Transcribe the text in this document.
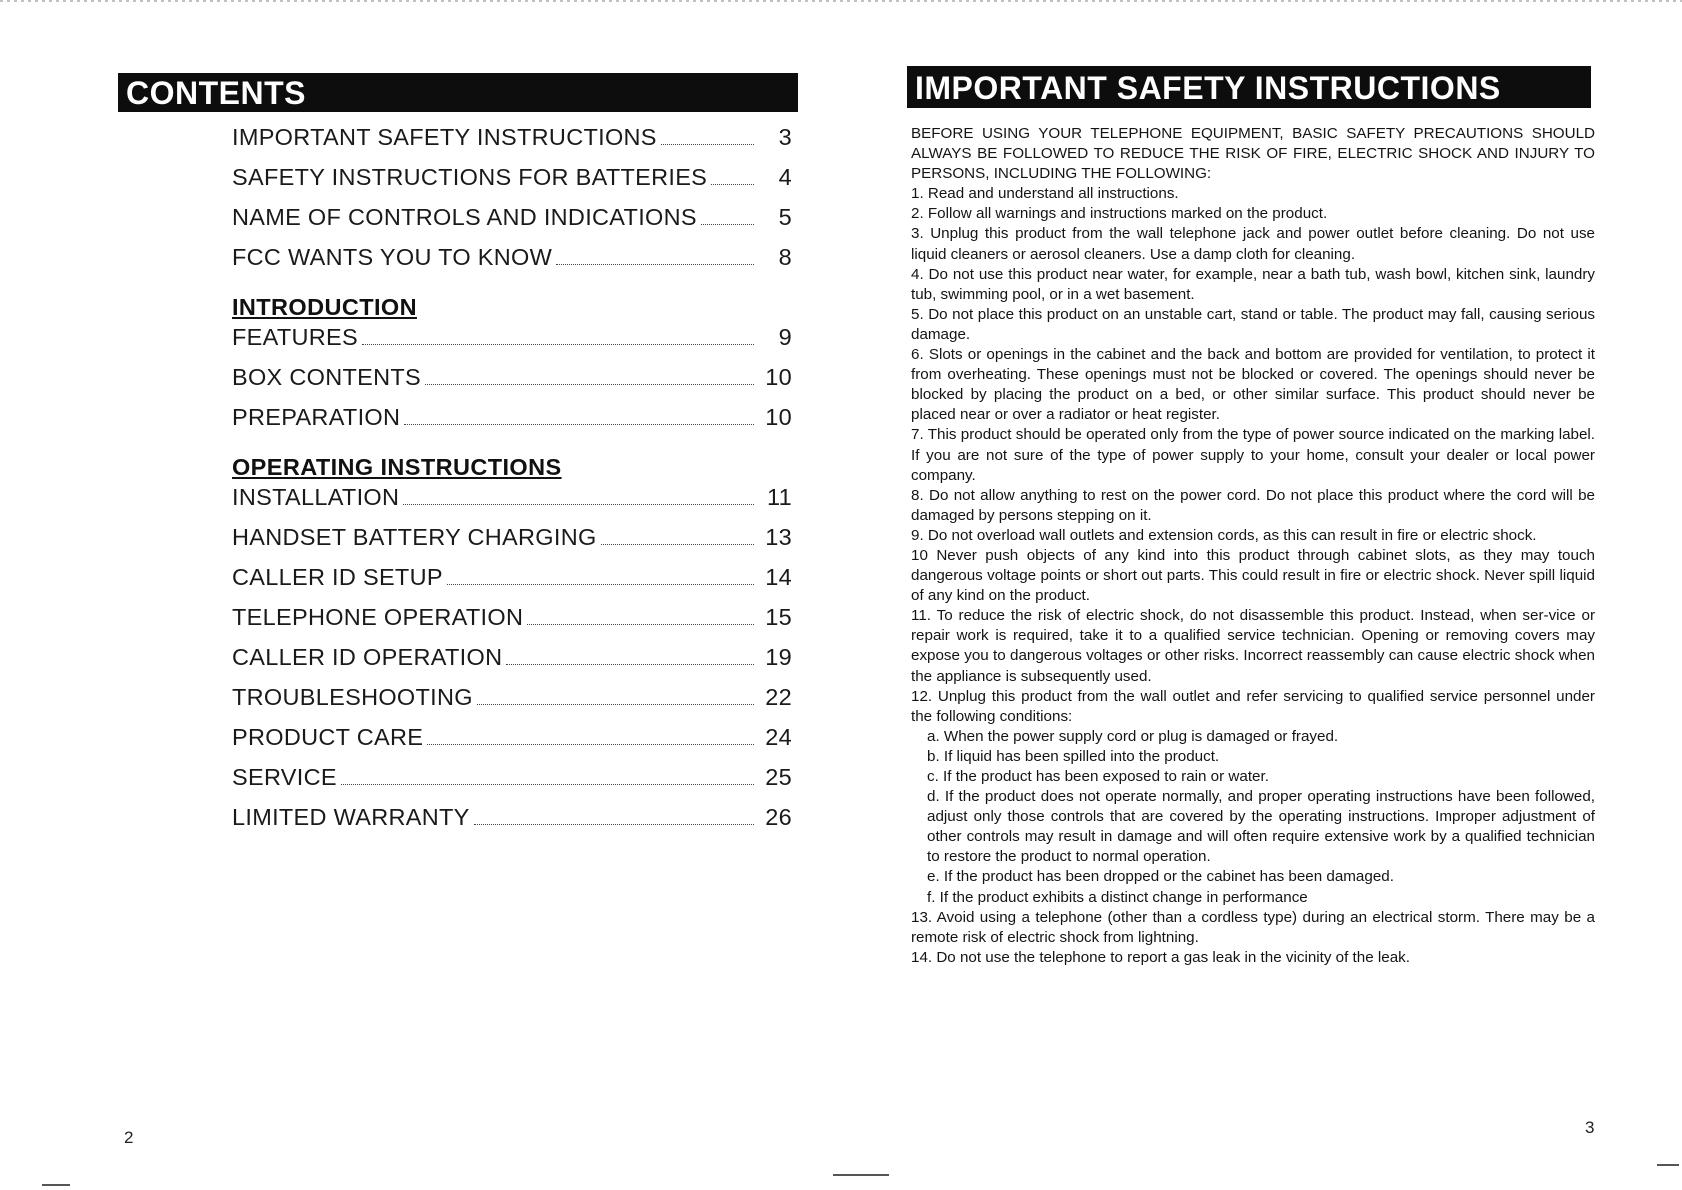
CONTENTS
IMPORTANT SAFETY INSTRUCTIONS	3
SAFETY INSTRUCTIONS FOR BATTERIES	4
NAME OF CONTROLS AND INDICATIONS	5
FCC WANTS YOU TO KNOW	8
INTRODUCTION
FEATURES	9
BOX CONTENTS	10
PREPARATION	10
OPERATING INSTRUCTIONS
INSTALLATION	11
HANDSET BATTERY CHARGING	13
CALLER ID SETUP	14
TELEPHONE OPERATION	15
CALLER ID OPERATION	19
TROUBLESHOOTING	22
PRODUCT CARE	24
SERVICE	25
LIMITED WARRANTY	26
2
IMPORTANT SAFETY INSTRUCTIONS

BEFORE USING YOUR TELEPHONE EQUIPMENT, BASIC SAFETY PRECAUTIONS SHOULD ALWAYS BE FOLLOWED TO REDUCE THE RISK OF FIRE, ELECTRIC SHOCK AND INJURY TO PERSONS, INCLUDING THE FOLLOWING:

1. Read and understand all instructions.

2. Follow all warnings and instructions marked on the product.

3. Unplug this product from the wall telephone jack and power outlet before cleaning. Do not use liquid cleaners or aerosol cleaners. Use a damp cloth for cleaning.

4. Do not use this product near water, for example, near a bath tub, wash bowl, kitchen sink, laundry tub, swimming pool, or in a wet basement.

5. Do not place this product on an unstable cart, stand or table. The product may fall, causing serious damage.

6. Slots or openings in the cabinet and the back and bottom are provided for ventilation, to protect it from overheating. These openings must not be blocked or covered. The openings should never be blocked by placing the product on a bed, or other similar surface. This product should never be placed near or over a radiator or heat register.

7. This product should be operated only from the type of power source indicated on the marking label. If you are not sure of the type of power supply to your home, consult your dealer or local power company.

8. Do not allow anything to rest on the power cord. Do not place this product where the cord will be damaged by persons stepping on it.

9. Do not overload wall outlets and extension cords, as this can result in fire or electric shock.

10 Never push objects of any kind into this product through cabinet slots, as they may touch dangerous voltage points or short out parts. This could result in fire or electric shock. Never spill liquid of any kind on the product.

11. To reduce the risk of electric shock, do not disassemble this product. Instead, when ser-vice or repair work is required, take it to a qualified service technician. Opening or removing covers may expose you to dangerous voltages or other risks. Incorrect reassembly can cause electric shock when the appliance is subsequently used.

12. Unplug this product from the wall outlet and refer servicing to qualified service personnel under the following conditions:

a. When the power supply cord or plug is damaged or frayed.

b. If liquid has been spilled into the product.

c. If the product has been exposed to rain or water.

d. If the product does not operate normally, and proper operating instructions have been followed, adjust only those controls that are covered by the operating instructions. Improper adjustment of other controls may result in damage and will often require extensive work by a qualified technician to restore the product to normal operation.

e. If the product has been dropped or the cabinet has been damaged.

f. If the product exhibits a distinct change in performance

13. Avoid using a telephone (other than a cordless type) during an electrical storm. There may be a remote risk of electric shock from lightning.

14. Do not use the telephone to report a gas leak in the vicinity of the leak.

3
